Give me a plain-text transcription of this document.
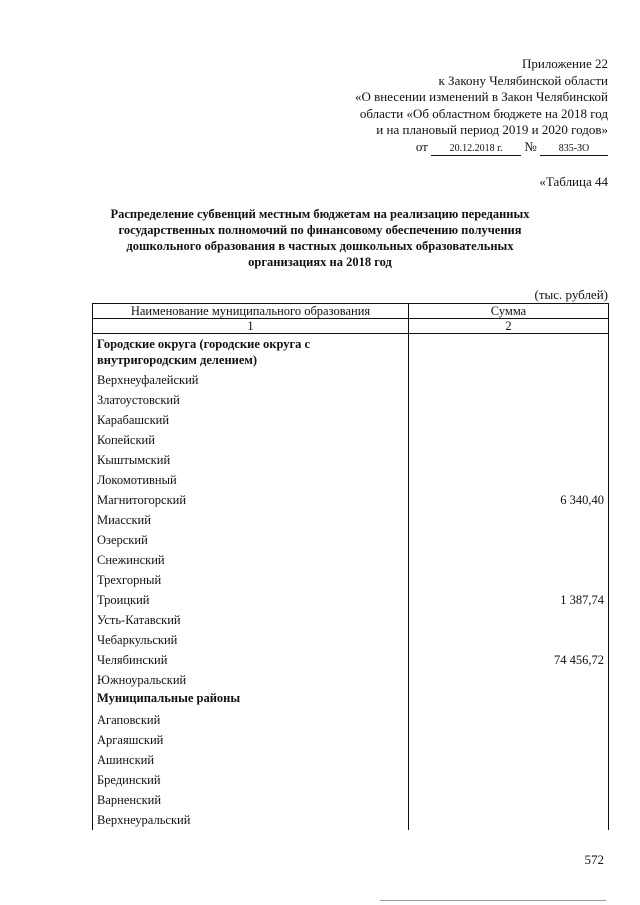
Приложение 22
к Закону Челябинской области
«О внесении изменений в Закон Челябинской
области «Об областном бюджете на 2018 год
и на плановый период 2019 и 2020 годов»
от 20.12.2018 г. № 835-ЗО
«Таблица 44
Распределение субвенций местным бюджетам на реализацию переданных государственных полномочий по финансовому обеспечению получения дошкольного образования в частных дошкольных образовательных организациях на 2018 год
(тыс. рублей)
Наименование муниципального образования	Сумма
1	2
Городские округа (городские округа с внутригородским делением)	
Верхнеуфалейский	
Златоустовский	
Карабашский	
Копейский	
Кыштымский	
Локомотивный	
Магнитогорский	6 340,40
Миасский	
Озерский	
Снежинский	
Трехгорный	
Троицкий	1 387,74
Усть-Катавский	
Чебаркульский	
Челябинский	74 456,72
Южноуральский	
Муниципальные районы	
Агаповский	
Аргаяшский	
Ашинский	
Брединский	
Варненский	
Верхнеуральский	
572
